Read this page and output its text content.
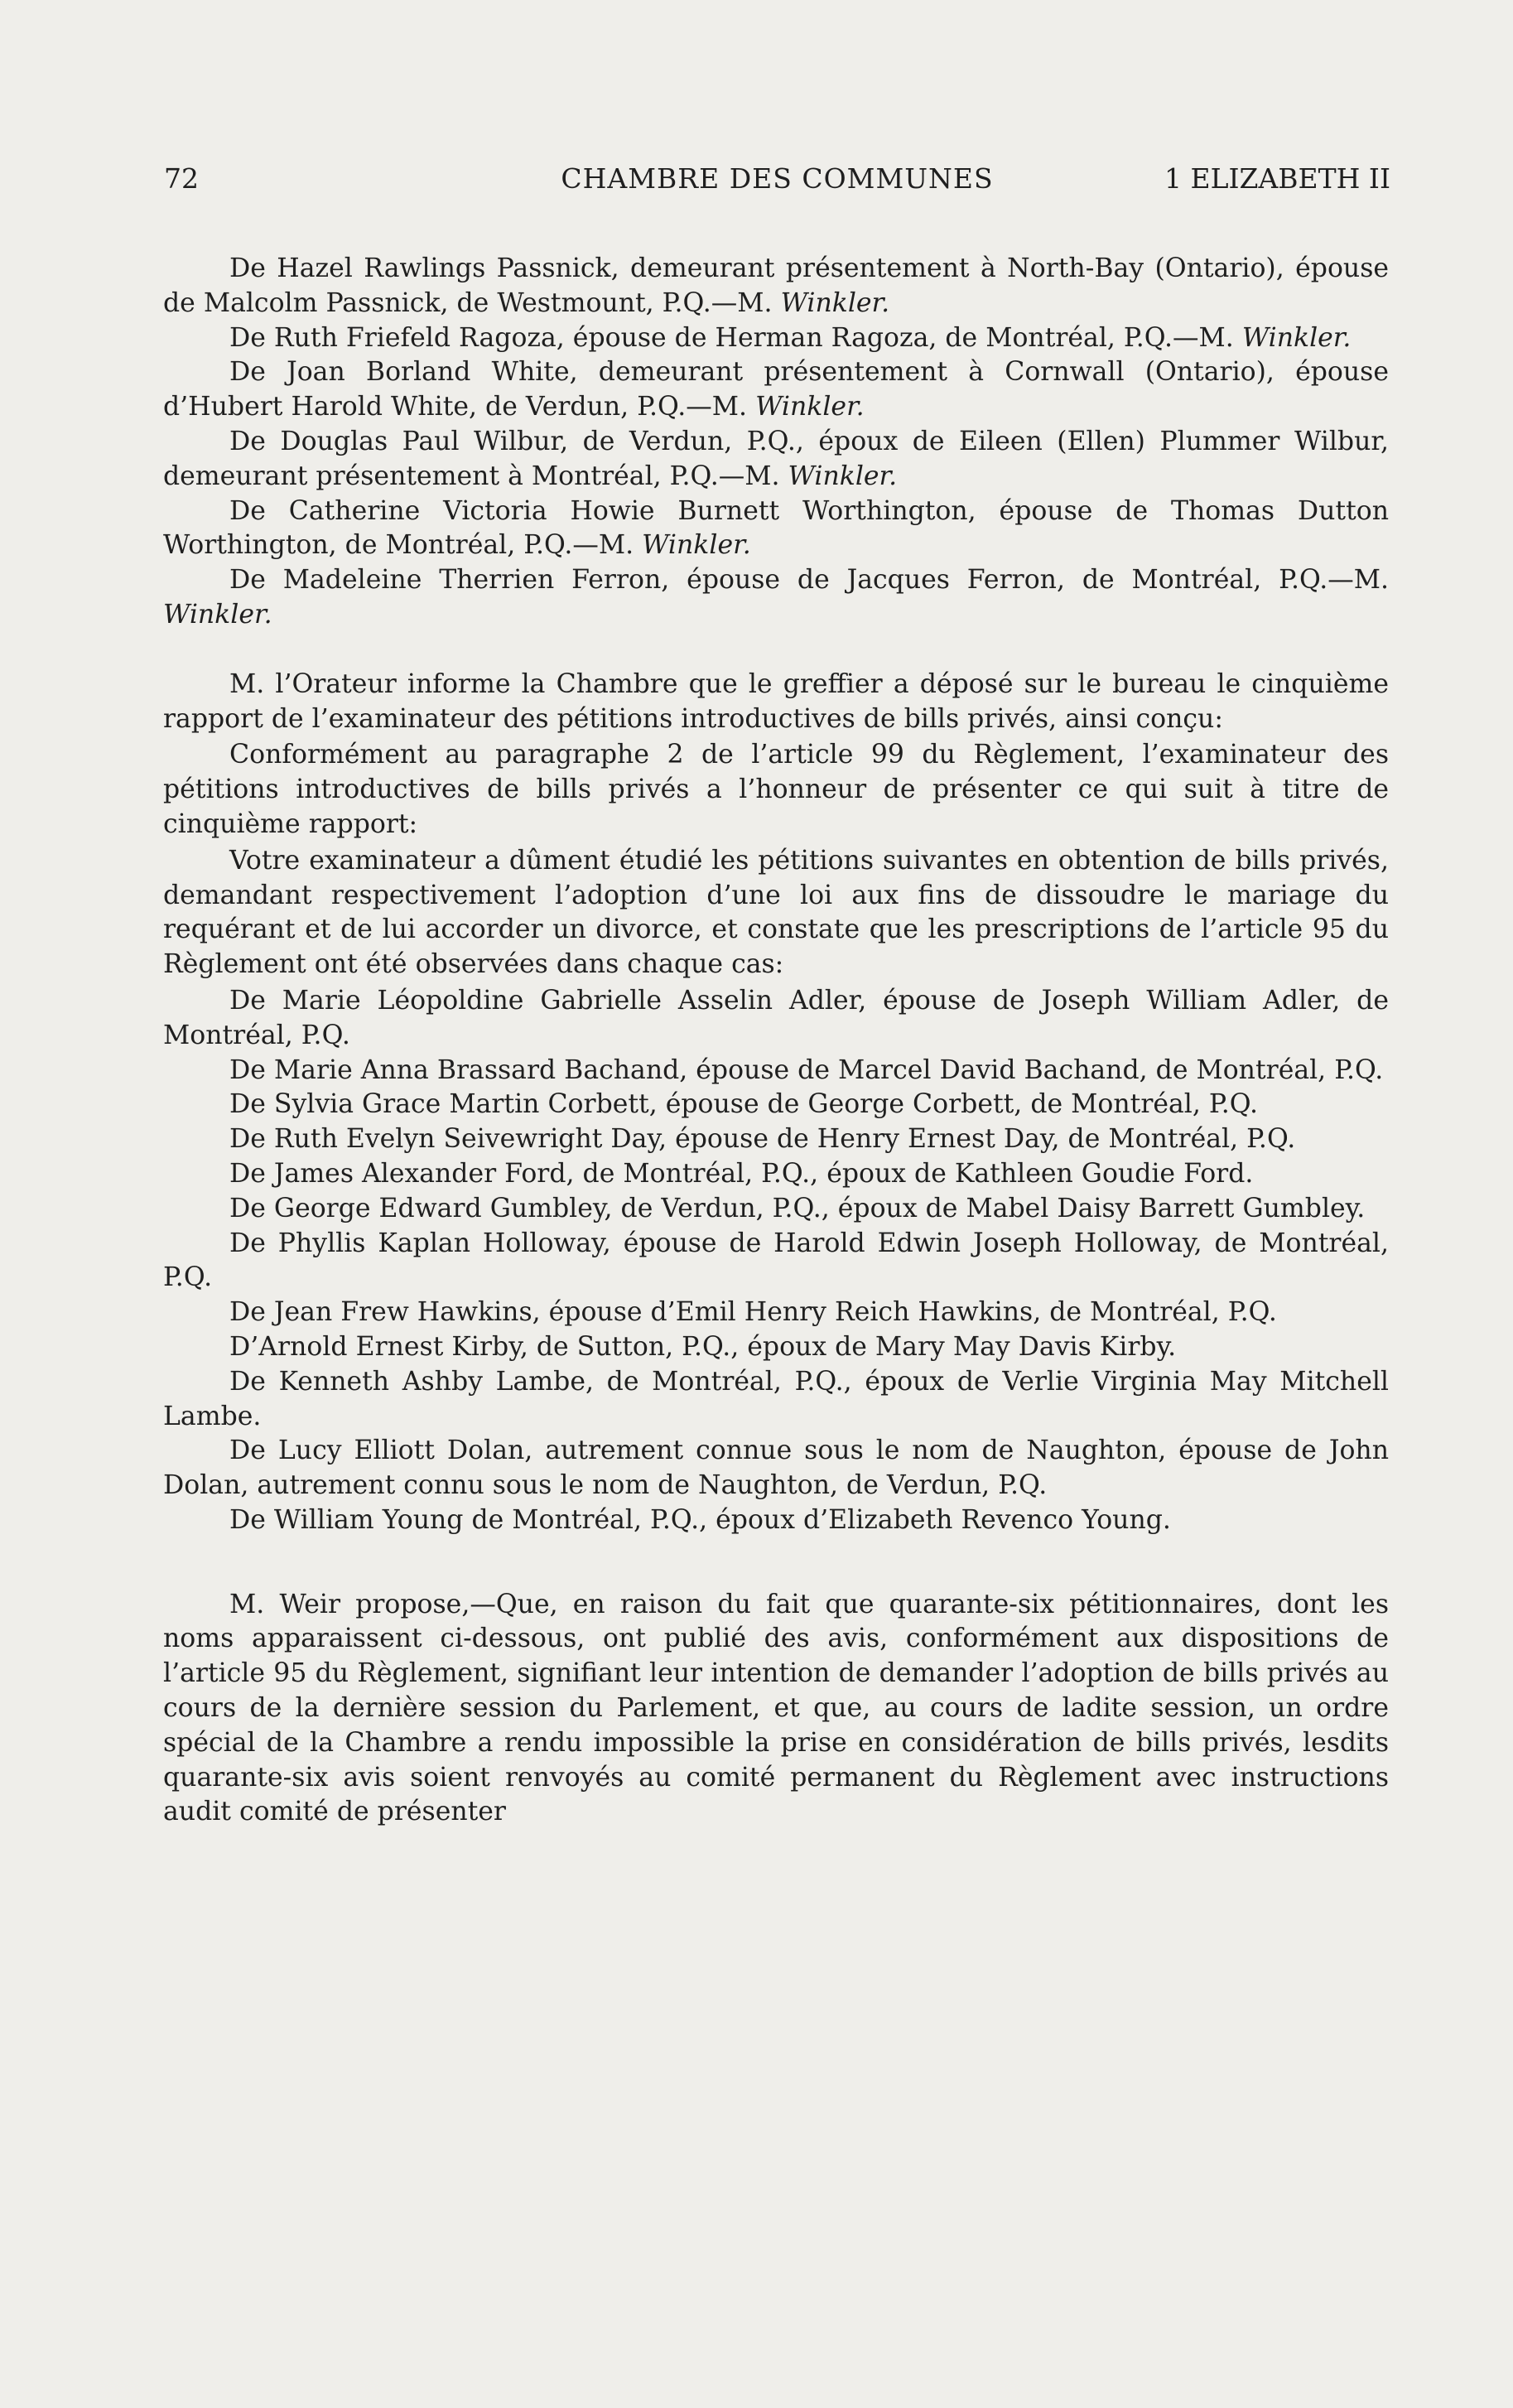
72	CHAMBRE DES COMMUNES	1 ELIZABETH II

De Hazel Rawlings Passnick, demeurant présentement à North-Bay (Ontario), épouse de Malcolm Passnick, de Westmount, P.Q.—M. Winkler.

De Ruth Friefeld Ragoza, épouse de Herman Ragoza, de Montréal, P.Q.—M. Winkler.

De Joan Borland White, demeurant présentement à Cornwall (Ontario), épouse d’Hubert Harold White, de Verdun, P.Q.—M. Winkler.

De Douglas Paul Wilbur, de Verdun, P.Q., époux de Eileen (Ellen) Plummer Wilbur, demeurant présentement à Montréal, P.Q.—M. Winkler.

De Catherine Victoria Howie Burnett Worthington, épouse de Thomas Dutton Worthington, de Montréal, P.Q.—M. Winkler.

De Madeleine Therrien Ferron, épouse de Jacques Ferron, de Montréal, P.Q.—M. Winkler.

M. l’Orateur informe la Chambre que le greffier a déposé sur le bureau le cinquième rapport de l’examinateur des pétitions introductives de bills privés, ainsi conçu:

Conformément au paragraphe 2 de l’article 99 du Règlement, l’examinateur des pétitions introductives de bills privés a l’honneur de présenter ce qui suit à titre de cinquième rapport:

Votre examinateur a dûment étudié les pétitions suivantes en obtention de bills privés, demandant respectivement l’adoption d’une loi aux fins de dissoudre le mariage du requérant et de lui accorder un divorce, et constate que les prescriptions de l’article 95 du Règlement ont été observées dans chaque cas:

De Marie Léopoldine Gabrielle Asselin Adler, épouse de Joseph William Adler, de Montréal, P.Q.

De Marie Anna Brassard Bachand, épouse de Marcel David Bachand, de Montréal, P.Q.

De Sylvia Grace Martin Corbett, épouse de George Corbett, de Montréal, P.Q.

De Ruth Evelyn Seivewright Day, épouse de Henry Ernest Day, de Montréal, P.Q.

De James Alexander Ford, de Montréal, P.Q., époux de Kathleen Goudie Ford.

De George Edward Gumbley, de Verdun, P.Q., époux de Mabel Daisy Barrett Gumbley.

De Phyllis Kaplan Holloway, épouse de Harold Edwin Joseph Holloway, de Montréal, P.Q.

De Jean Frew Hawkins, épouse d’Emil Henry Reich Hawkins, de Montréal, P.Q.

D’Arnold Ernest Kirby, de Sutton, P.Q., époux de Mary May Davis Kirby.

De Kenneth Ashby Lambe, de Montréal, P.Q., époux de Verlie Virginia May Mitchell Lambe.

De Lucy Elliott Dolan, autrement connue sous le nom de Naughton, épouse de John Dolan, autrement connu sous le nom de Naughton, de Verdun, P.Q.

De William Young de Montréal, P.Q., époux d’Elizabeth Revenco Young.

M. Weir propose,—Que, en raison du fait que quarante-six pétitionnaires, dont les noms apparaissent ci-dessous, ont publié des avis, conformément aux dispositions de l’article 95 du Règlement, signifiant leur intention de demander l’adoption de bills privés au cours de la dernière session du Parlement, et que, au cours de ladite session, un ordre spécial de la Chambre a rendu impossible la prise en considération de bills privés, lesdits quarante-six avis soient renvoyés au comité permanent du Règlement avec instructions audit comité de présenter
